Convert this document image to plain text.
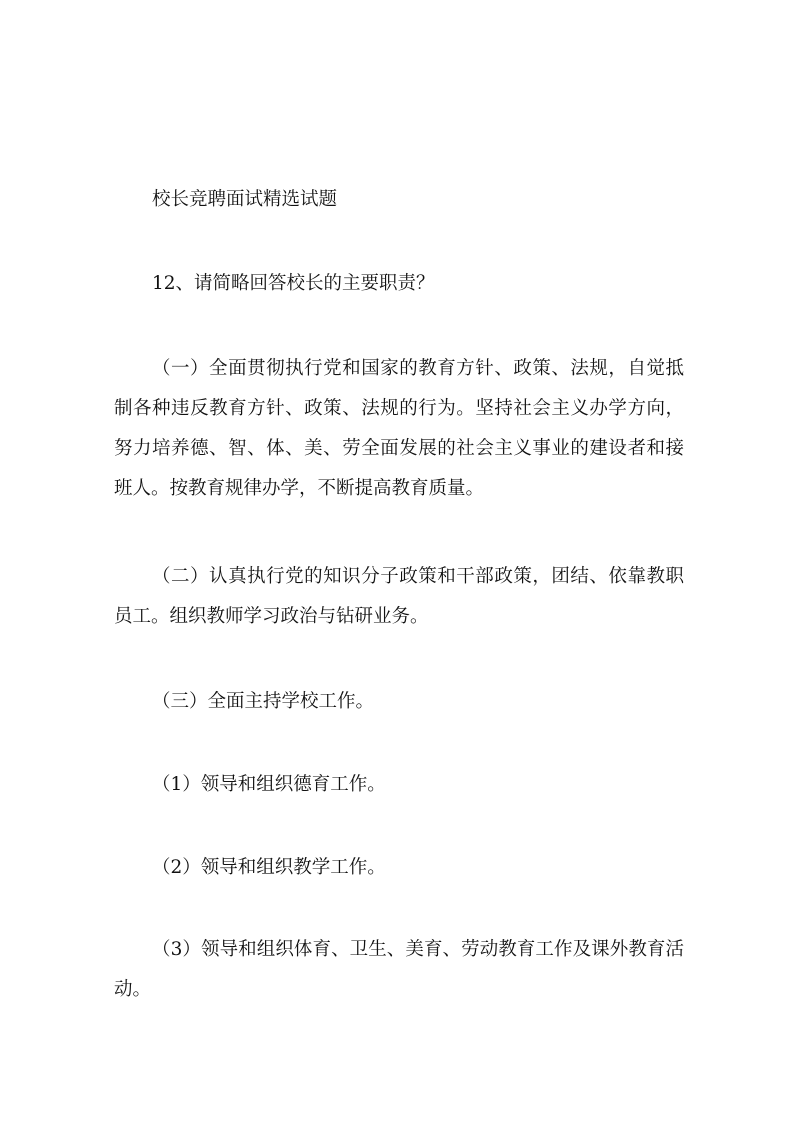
校长竞聘面试精选试题

12、请简略回答校长的主要职责？

（一）全面贯彻执行党和国家的教育方针、政策、法规，自觉抵制各种违反教育方针、政策、法规的行为。坚持社会主义办学方向，努力培养德、智、体、美、劳全面发展的社会主义事业的建设者和接班人。按教育规律办学，不断提高教育质量。

（二）认真执行党的知识分子政策和干部政策，团结、依靠教职员工。组织教师学习政治与钻研业务。

（三）全面主持学校工作。

（1）领导和组织德育工作。

（2）领导和组织教学工作。

（3）领导和组织体育、卫生、美育、劳动教育工作及课外教育活动。
